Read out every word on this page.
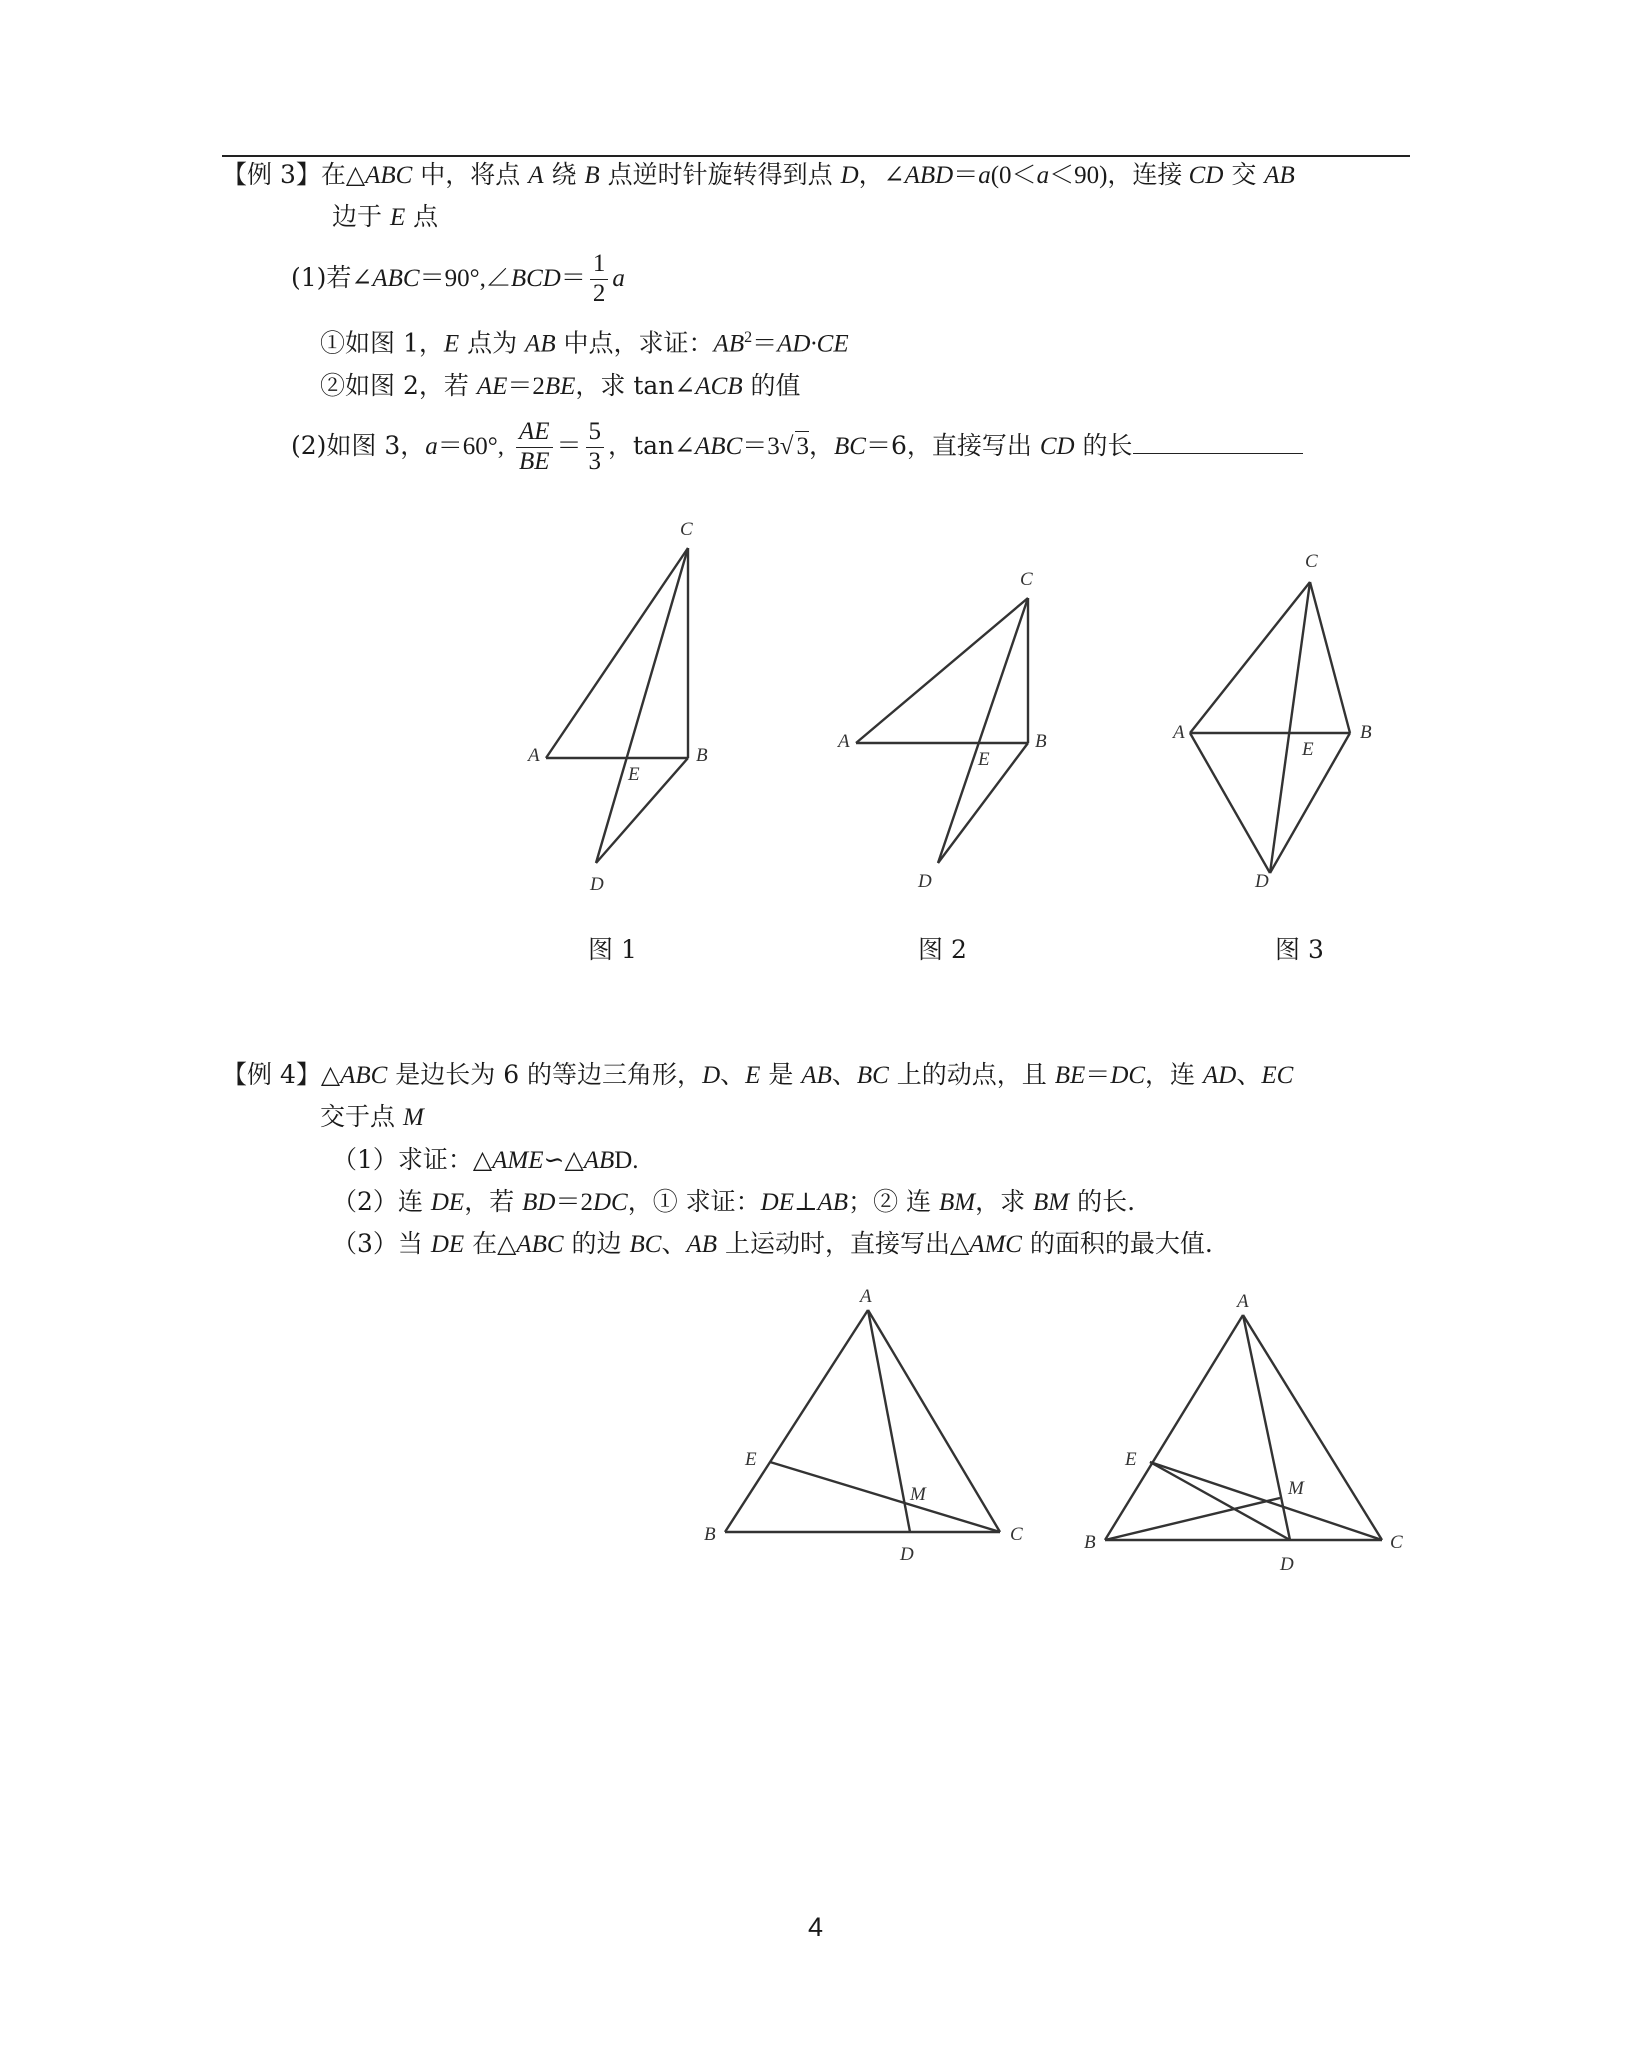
【例 3】在△ABC 中，将点 A 绕 B 点逆时针旋转得到点 D，∠ABD＝a(0＜a＜90)，连接 CD 交 AB
边于 E 点
(1)若∠ABC＝90°,∠BCD＝ $\frac{1}{2}$ a
①如图 1，E 点为 AB 中点，求证：$AB^2=AD\cdot CE$
②如图 2，若 AE＝2BE，求 tan∠ACB 的值
(2)如图 3，a＝60°, $\frac{AE}{BE} = \frac{5}{3}$ ，tan∠ABC＝3√ 3，BC＝6，直接写出 CD 的长
C
A	B
E
D
C
A	B
E
D
C
A	B
E
D
图 1	图 2	图 3
【例 4】△ABC 是边长为 6 的等边三角形，D、E 是 AB、BC 上的动点，且 BE＝DC，连 AD、EC
交于点 M
（1）求证：△AME∽△ABD.
（2）连 DE，若 BD＝2DC，① 求证：DE⊥AB；② 连 BM，求 BM 的长.
（3）当 DE 在△ABC 的边 BC、AB 上运动时，直接写出△AMC 的面积的最大值.
A
E
M
B
D
C
A
E
M
B
D
C
4
